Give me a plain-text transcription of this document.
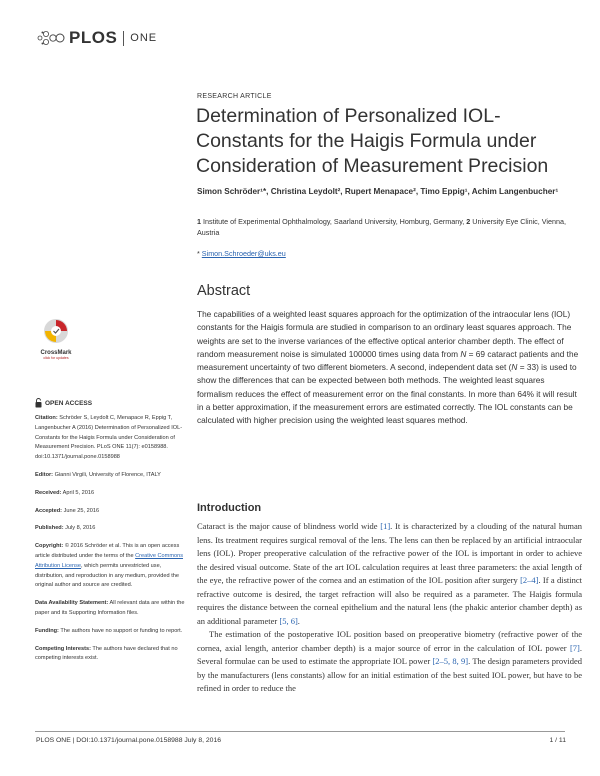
PLOS ONE
RESEARCH ARTICLE
Determination of Personalized IOL-Constants for the Haigis Formula under Consideration of Measurement Precision
Simon Schröder¹*, Christina Leydolt², Rupert Menapace², Timo Eppig¹, Achim Langenbucher¹
1 Institute of Experimental Ophthalmology, Saarland University, Homburg, Germany, 2 University Eye Clinic, Vienna, Austria
* Simon.Schroeder@uks.eu
Abstract
The capabilities of a weighted least squares approach for the optimization of the intraocular lens (IOL) constants for the Haigis formula are studied in comparison to an ordinary least squares approach. The weights are set to the inverse variances of the effective optical anterior chamber depth. The effect of random measurement noise is simulated 100000 times using data from N = 69 cataract patients and the measurement uncertainty of two different biometers. A second, independent data set (N = 33) is used to show the differences that can be expected between both methods. The weighted least squares formalism reduces the effect of measurement error on the final constants. In more than 64% it will result in a better approximation, if the measurement errors are estimated correctly. The IOL constants can be calculated with higher precision using the weighted least squares method.
CrossMark
click for updates
OPEN ACCESS

Citation: Schröder S, Leydolt C, Menapace R, Eppig T, Langenbucher A (2016) Determination of Personalized IOL-Constants for the Haigis Formula under Consideration of Measurement Precision. PLoS ONE 11(7): e0158988. doi:10.1371/journal.pone.0158988

Editor: Gianni Virgili, University of Florence, ITALY

Received: April 5, 2016

Accepted: June 25, 2016

Published: July 8, 2016

Copyright: © 2016 Schröder et al. This is an open access article distributed under the terms of the Creative Commons Attribution License, which permits unrestricted use, distribution, and reproduction in any medium, provided the original author and source are credited.

Data Availability Statement: All relevant data are within the paper and its Supporting Information files.

Funding: The authors have no support or funding to report.

Competing Interests: The authors have declared that no competing interests exist.

Introduction

Cataract is the major cause of blindness world wide [1]. It is characterized by a clouding of the natural human lens. Its treatment requires surgical removal of the lens. The lens can then be replaced by an artificial intraocular lens (IOL). Proper preoperative calculation of the refractive power of the IOL is important in order to achieve the desired visual outcome. State of the art IOL calculation requires at least three parameters: the axial length of the eye, the refractive power of the cornea and an estimation of the IOL position after surgery [2–4]. If a distinct refractive outcome is desired, the target refraction will also be required as a parameter. The Haigis formula requires the distance between the corneal epithelium and the natural lens (the phakic anterior chamber depth) as an additional parameter [5, 6].

The estimation of the postoperative IOL position based on preoperative biometry (refractive power of the cornea, axial length, anterior chamber depth) is a major source of error in the calculation of IOL power [7]. Several formulae can be used to estimate the appropriate IOL power [2–5, 8, 9]. The design parameters provided by the manufacturers (lens constants) allow for an initial estimation of the best suited IOL power, but have to be refined in order to reduce the

PLOS ONE | DOI:10.1371/journal.pone.0158988 July 8, 2016	1 / 11
